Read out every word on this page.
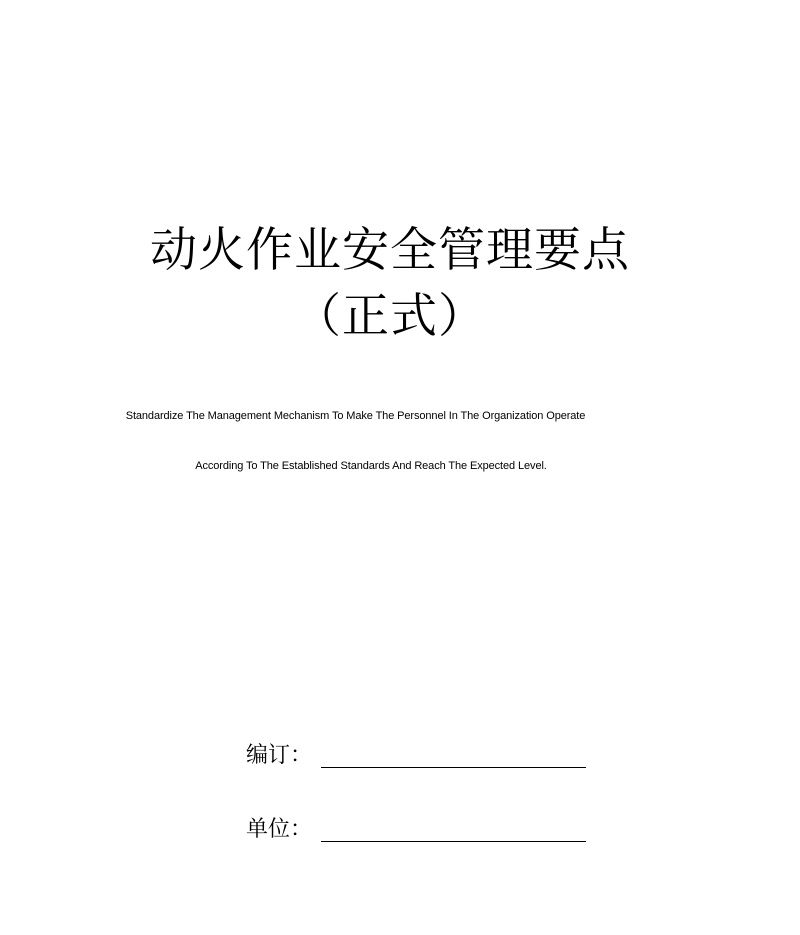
动火作业安全管理要点
（正式）
Standardize The Management Mechanism To Make The Personnel In The Organization Operate
According To The Established Standards And Reach The Expected Level.
编订：
单位：
